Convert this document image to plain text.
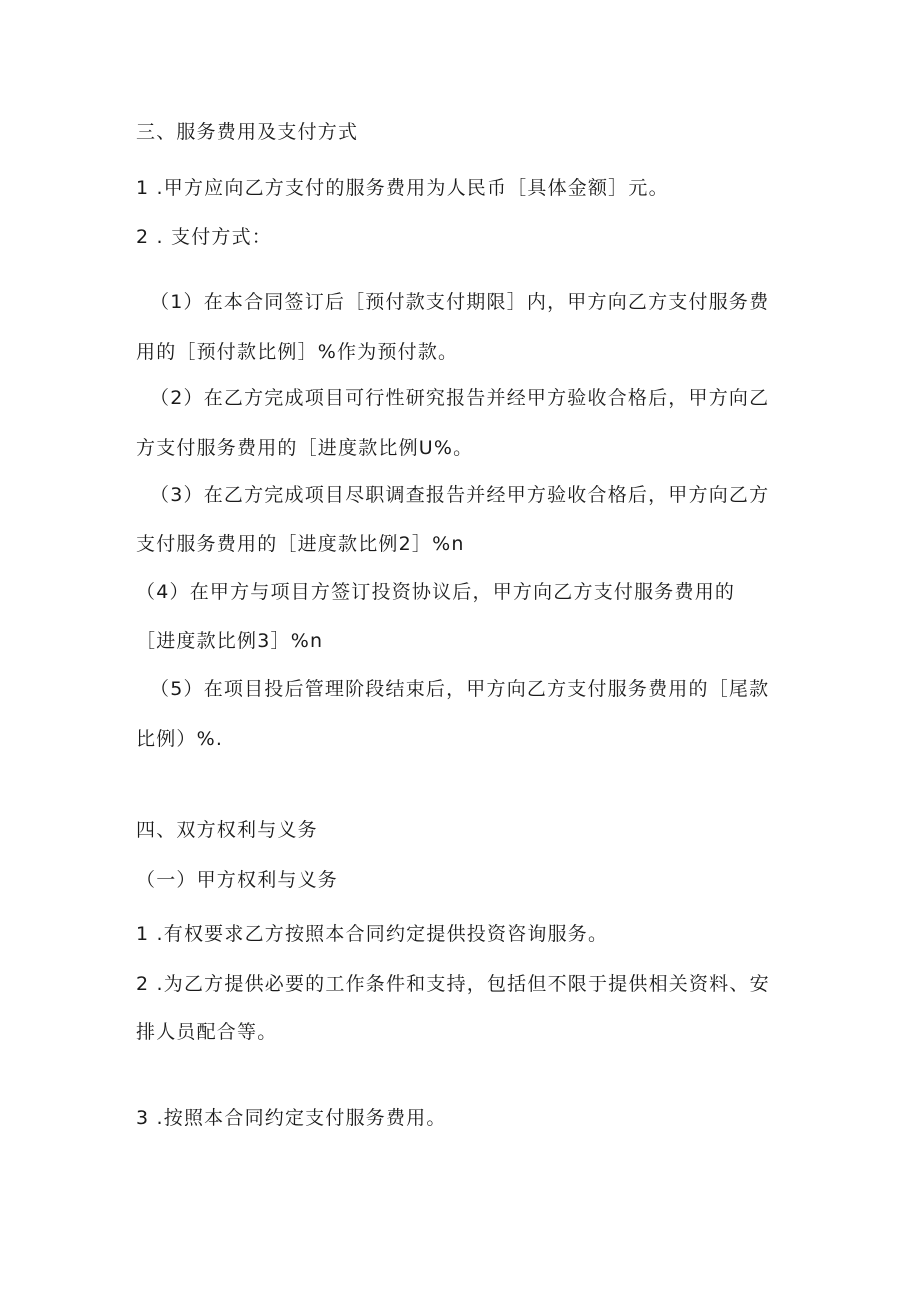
三、服务费用及支付方式
1 .甲方应向乙方支付的服务费用为人民币［具体金额］元。
2 . 支付方式：
（1）在本合同签订后［预付款支付期限］内，甲方向乙方支付服务费
用的［预付款比例］%作为预付款。
（2）在乙方完成项目可行性研究报告并经甲方验收合格后，甲方向乙
方支付服务费用的［进度款比例U%。
（3）在乙方完成项目尽职调查报告并经甲方验收合格后，甲方向乙方
支付服务费用的［进度款比例2］%n
（4）在甲方与项目方签订投资协议后，甲方向乙方支付服务费用的
［进度款比例3］%n
（5）在项目投后管理阶段结束后，甲方向乙方支付服务费用的［尾款
比例）%.
四、双方权利与义务
（一）甲方权利与义务
1 .有权要求乙方按照本合同约定提供投资咨询服务。
2 .为乙方提供必要的工作条件和支持，包括但不限于提供相关资料、安
排人员配合等。
3 .按照本合同约定支付服务费用。
